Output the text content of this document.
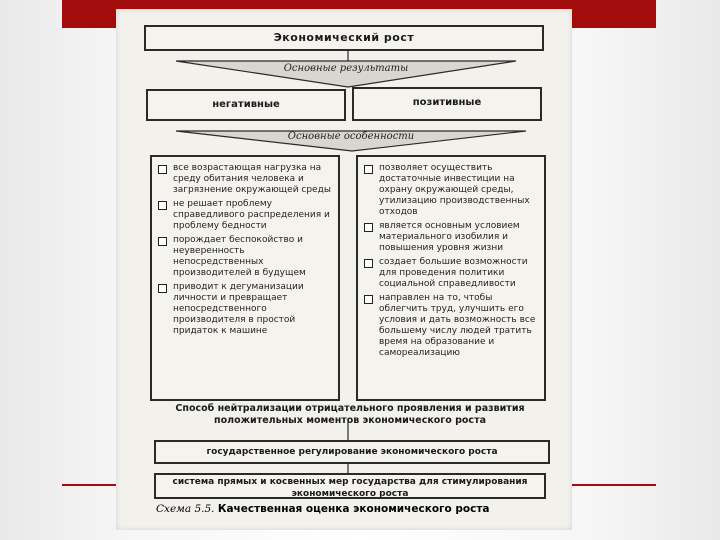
Экономический рост
Основные результаты
негативные	позитивные
Основные особенности
все возрастающая нагрузка на среду обитания человека и загрязнение окружающей среды
не решает проблему справедливого распределения и проблему бедности
порождает беспокойство и неуверенность непосредственных производителей в будущем
приводит к дегуманизации личности и превращает непосредственного производителя в простой придаток к машине
позволяет осуществить достаточные инвестиции на охрану окружающей среды, утилизацию производственных отходов
является основным условием материального изобилия и повышения уровня жизни
создает большие возможности для проведения политики социальной справедливости
направлен на то, чтобы облегчить труд, улучшить его условия и дать возможность все большему числу людей тратить время на образование и самореализацию
Способ нейтрализации отрицательного проявления и развития положительных моментов экономического роста
государственное регулирование экономического роста
система прямых и косвенных мер государства для стимулирования экономического роста
Схема 5.5. Качественная оценка экономического роста
